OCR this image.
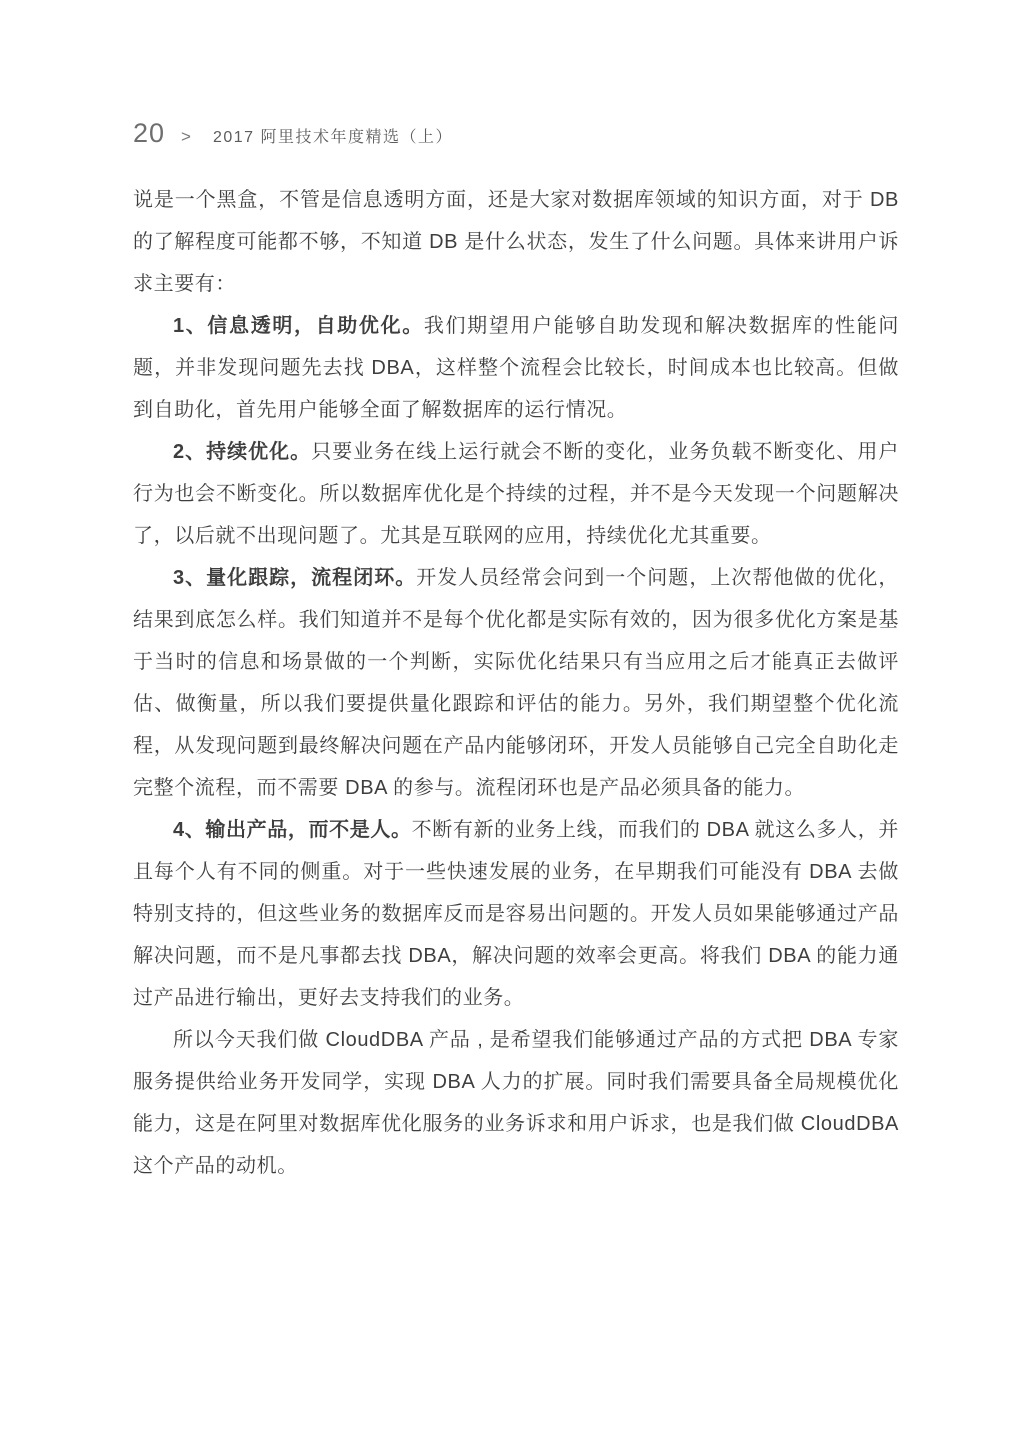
20 > 2017 阿里技术年度精选（上）

说是一个黑盒，不管是信息透明方面，还是大家对数据库领域的知识方面，对于 DB 的了解程度可能都不够，不知道 DB 是什么状态，发生了什么问题。具体来讲用户诉求主要有：

1、信息透明，自助优化。我们期望用户能够自助发现和解决数据库的性能问题，并非发现问题先去找 DBA，这样整个流程会比较长，时间成本也比较高。但做到自助化，首先用户能够全面了解数据库的运行情况。

2、持续优化。只要业务在线上运行就会不断的变化，业务负载不断变化、用户行为也会不断变化。所以数据库优化是个持续的过程，并不是今天发现一个问题解决了，以后就不出现问题了。尤其是互联网的应用，持续优化尤其重要。

3、量化跟踪，流程闭环。开发人员经常会问到一个问题，上次帮他做的优化，结果到底怎么样。我们知道并不是每个优化都是实际有效的，因为很多优化方案是基于当时的信息和场景做的一个判断，实际优化结果只有当应用之后才能真正去做评估、做衡量，所以我们要提供量化跟踪和评估的能力。另外，我们期望整个优化流程，从发现问题到最终解决问题在产品内能够闭环，开发人员能够自己完全自助化走完整个流程，而不需要 DBA 的参与。流程闭环也是产品必须具备的能力。

4、输出产品，而不是人。不断有新的业务上线，而我们的 DBA 就这么多人，并且每个人有不同的侧重。对于一些快速发展的业务，在早期我们可能没有 DBA 去做特别支持的，但这些业务的数据库反而是容易出问题的。开发人员如果能够通过产品解决问题，而不是凡事都去找 DBA，解决问题的效率会更高。将我们 DBA 的能力通过产品进行输出，更好去支持我们的业务。

所以今天我们做 CloudDBA 产品 , 是希望我们能够通过产品的方式把 DBA 专家服务提供给业务开发同学，实现 DBA 人力的扩展。同时我们需要具备全局规模优化能力，这是在阿里对数据库优化服务的业务诉求和用户诉求，也是我们做 CloudDBA 这个产品的动机。
